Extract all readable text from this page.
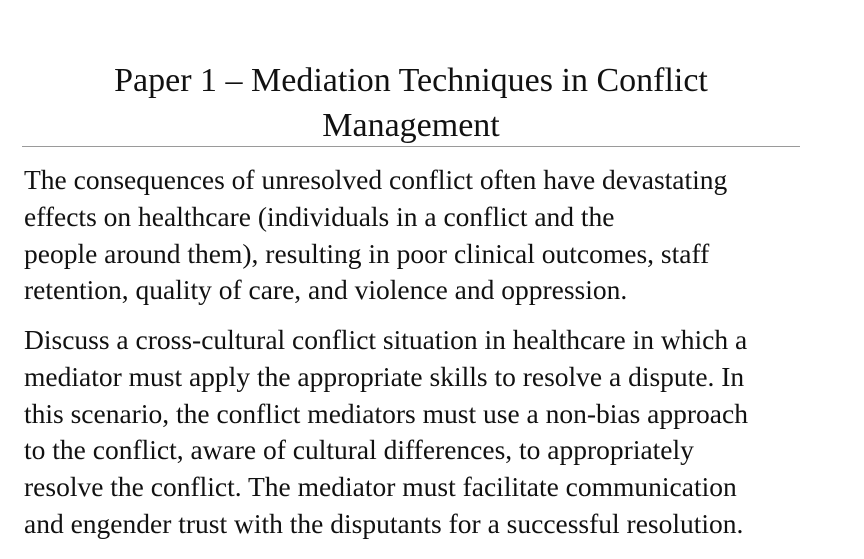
Paper 1 – Mediation Techniques in Conflict
Management

The consequences of unresolved conflict often have devastating
effects on healthcare (individuals in a conflict and the
people around them), resulting in poor clinical outcomes, staff
retention, quality of care, and violence and oppression.

Discuss a cross-cultural conflict situation in healthcare in which a
mediator must apply the appropriate skills to resolve a dispute. In
this scenario, the conflict mediators must use a non-bias approach
to the conflict, aware of cultural differences, to appropriately
resolve the conflict. The mediator must facilitate communication
and engender trust with the disputants for a successful resolution.
